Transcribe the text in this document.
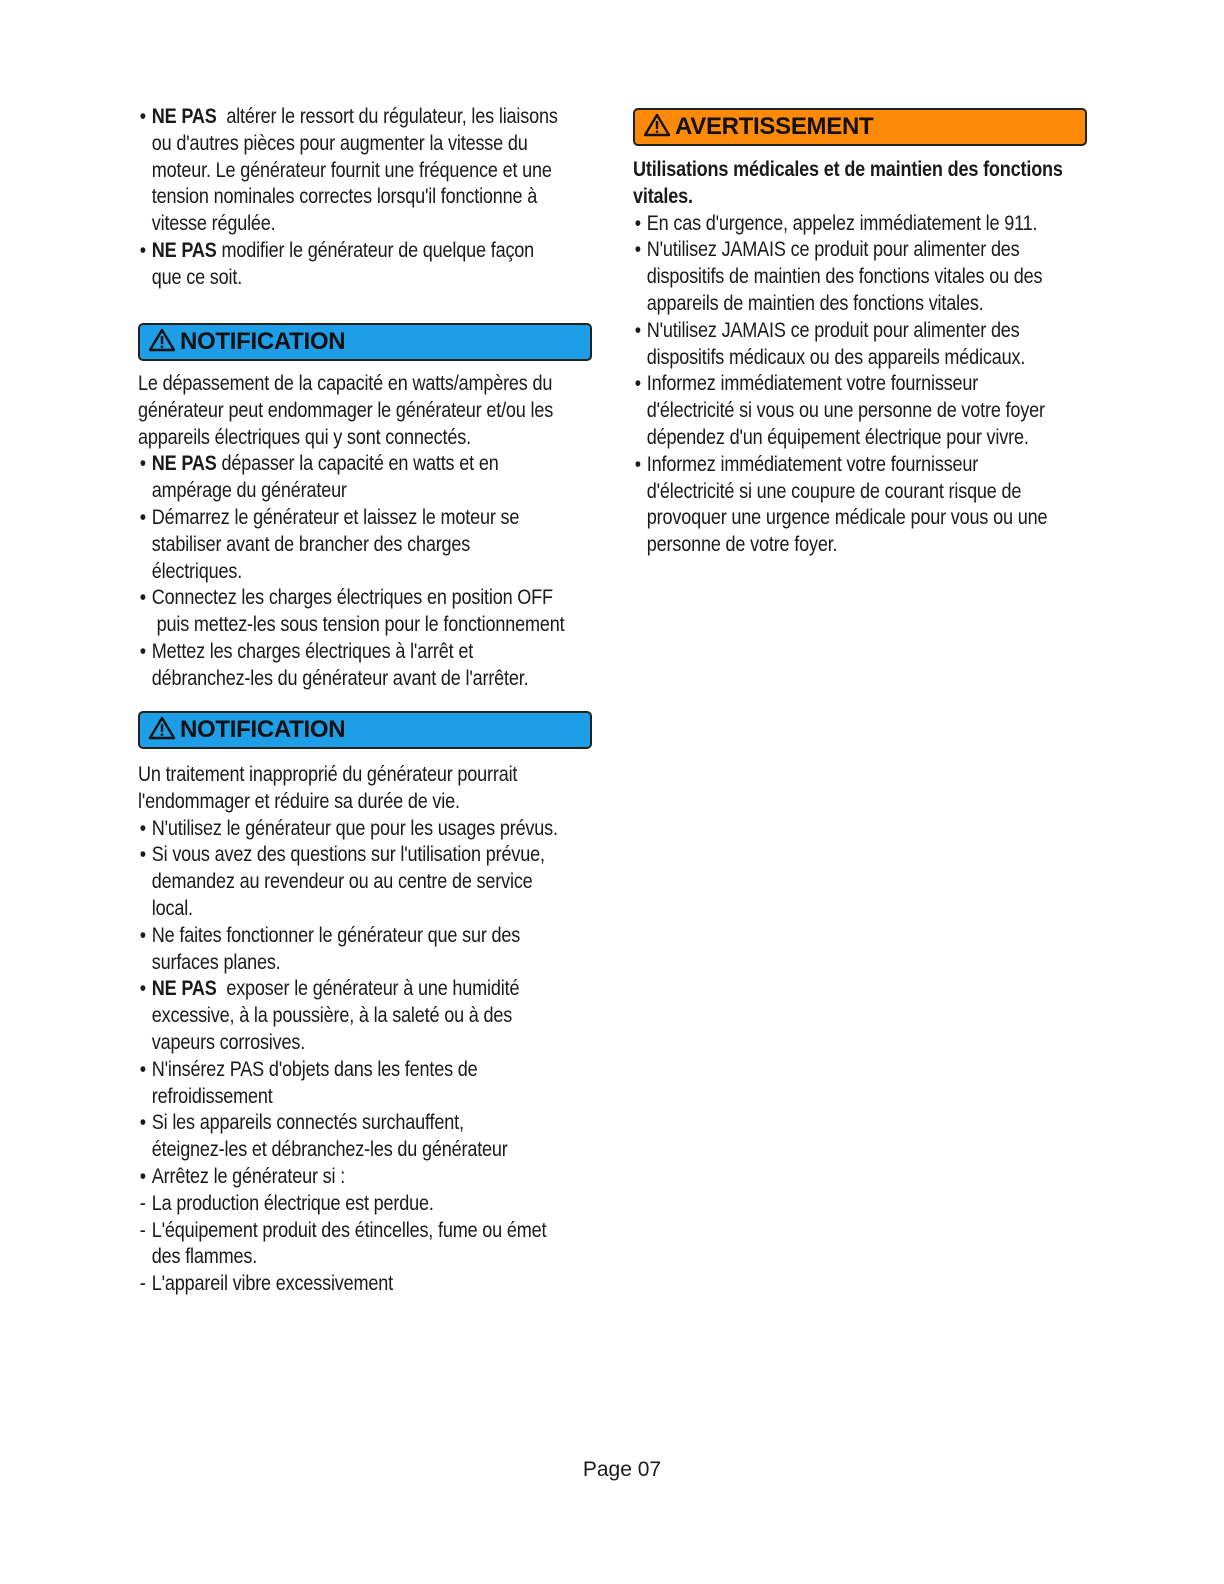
• NE PAS  altérer le ressort du régulateur, les liaisons
ou d'autres pièces pour augmenter la vitesse du
moteur. Le générateur fournit une fréquence et une
tension nominales correctes lorsqu'il fonctionne à
vitesse régulée.
• NE PAS modifier le générateur de quelque façon
que ce soit.
NOTIFICATION
Le dépassement de la capacité en watts/ampères du
générateur peut endommager le générateur et/ou les
appareils électriques qui y sont connectés.
• NE PAS dépasser la capacité en watts et en
ampérage du générateur
• Démarrez le générateur et laissez le moteur se
stabiliser avant de brancher des charges
électriques.
• Connectez les charges électriques en position OFF
puis mettez-les sous tension pour le fonctionnement
• Mettez les charges électriques à l'arrêt et
débranchez-les du générateur avant de l'arrêter.
NOTIFICATION
Un traitement inapproprié du générateur pourrait
l'endommager et réduire sa durée de vie.
• N'utilisez le générateur que pour les usages prévus.
• Si vous avez des questions sur l'utilisation prévue,
demandez au revendeur ou au centre de service
local.
• Ne faites fonctionner le générateur que sur des
surfaces planes.
• NE PAS  exposer le générateur à une humidité
excessive, à la poussière, à la saleté ou à des
vapeurs corrosives.
• N'insérez PAS d'objets dans les fentes de
refroidissement
• Si les appareils connectés surchauffent,
éteignez-les et débranchez-les du générateur
• Arrêtez le générateur si :
- La production électrique est perdue.
- L'équipement produit des étincelles, fume ou émet
des flammes.
- L'appareil vibre excessivement
AVERTISSEMENT
Utilisations médicales et de maintien des fonctions
vitales.
• En cas d'urgence, appelez immédiatement le 911.
• N'utilisez JAMAIS ce produit pour alimenter des
dispositifs de maintien des fonctions vitales ou des
appareils de maintien des fonctions vitales.
• N'utilisez JAMAIS ce produit pour alimenter des
dispositifs médicaux ou des appareils médicaux.
• Informez immédiatement votre fournisseur
d'électricité si vous ou une personne de votre foyer
dépendez d'un équipement électrique pour vivre.
• Informez immédiatement votre fournisseur
d'électricité si une coupure de courant risque de
provoquer une urgence médicale pour vous ou une
personne de votre foyer.
Page 07
